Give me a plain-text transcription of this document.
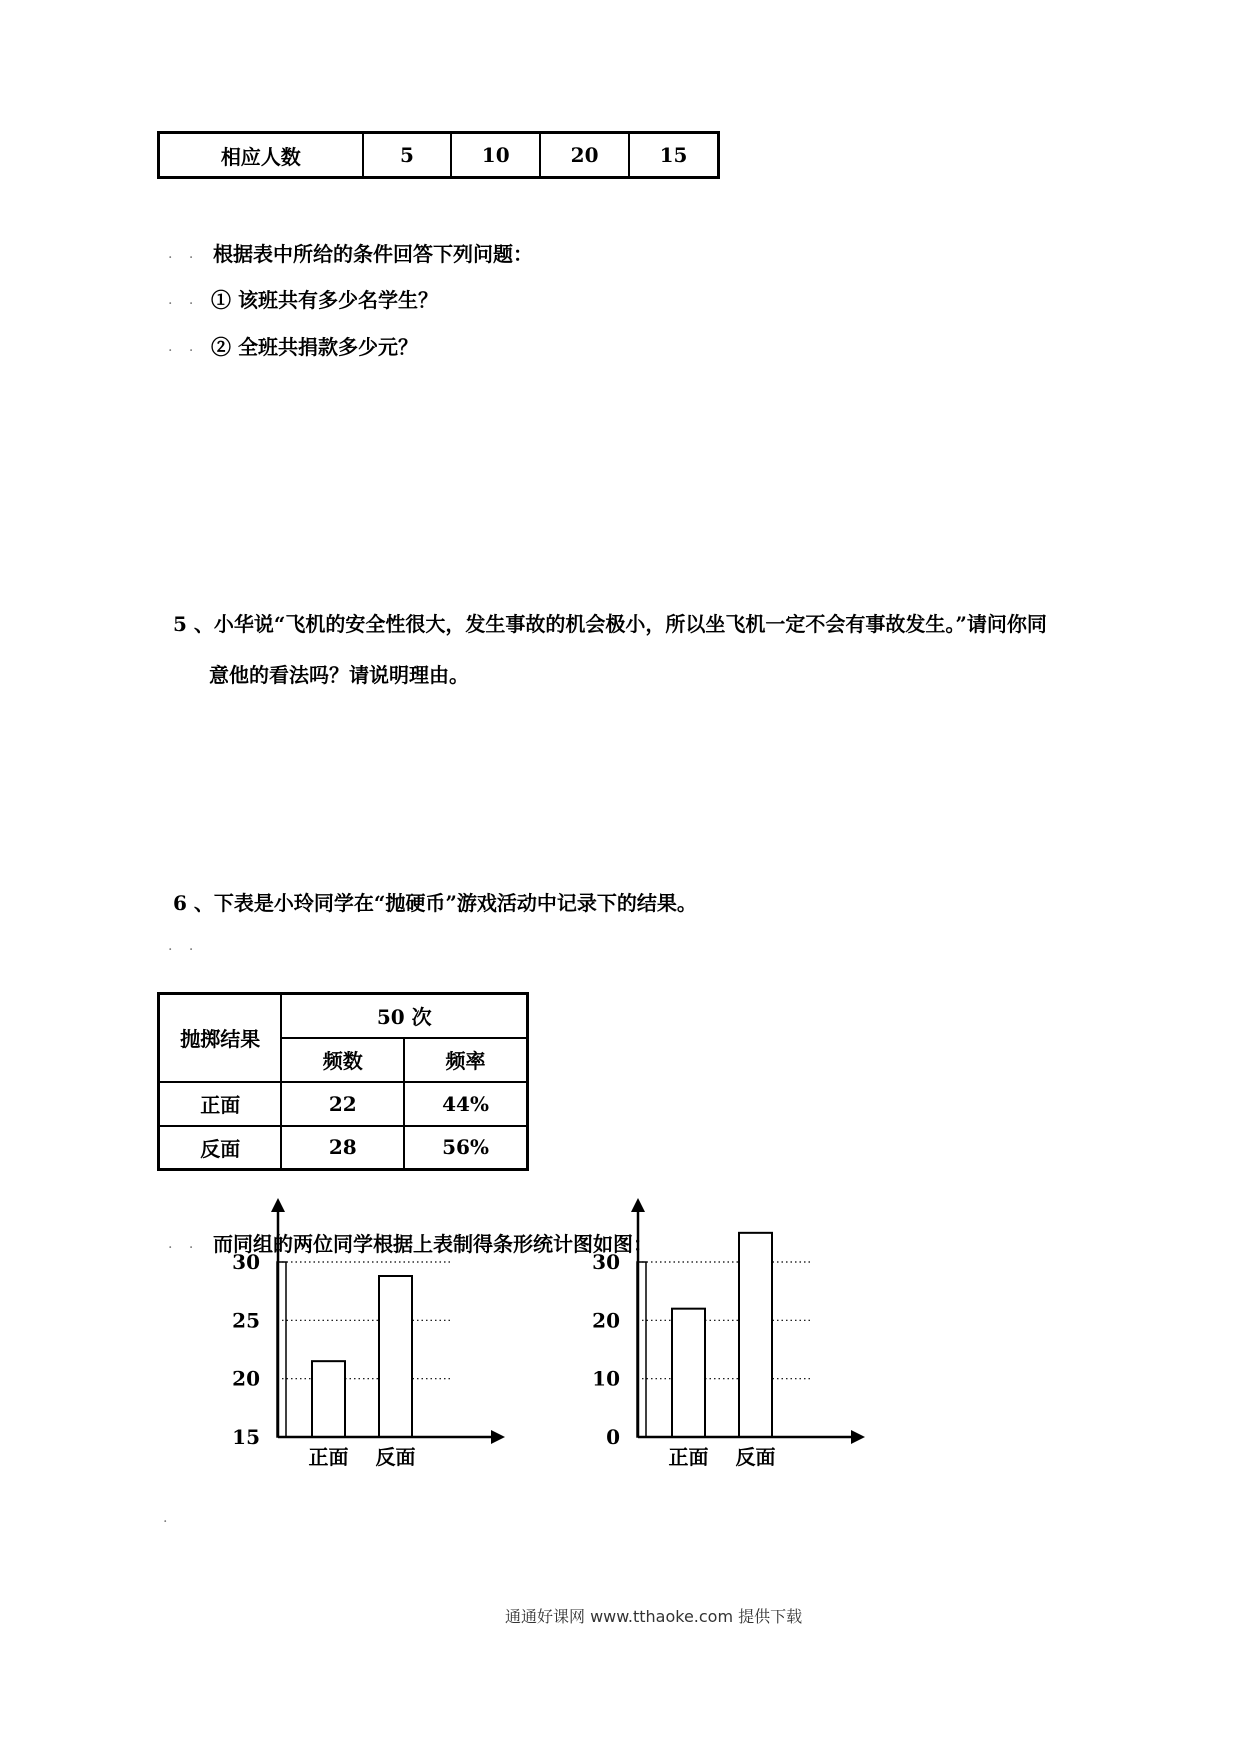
相应人数	5	10	20	15
. . 根据表中所给的条件回答下列问题：
. . ① 该班共有多少名学生？
. . ② 全班共捐款多少元？
5 、小华说“飞机的安全性很大，发生事故的机会极小，所以坐飞机一定不会有事故发生。”请问你同
意他的看法吗？请说明理由。
6 、下表是小玲同学在“抛硬币”游戏活动中记录下的结果。
. .
抛掷结果	50 次	
	频数	频率
正面	22	44%
反面	28	56%
. . 而同组的两位同学根据上表制得条形统计图如图：
15
20
25
30
正面 反面
0
10
20
30
正面 反面
.
通通好课网 www.tthaoke.com 提供下载
